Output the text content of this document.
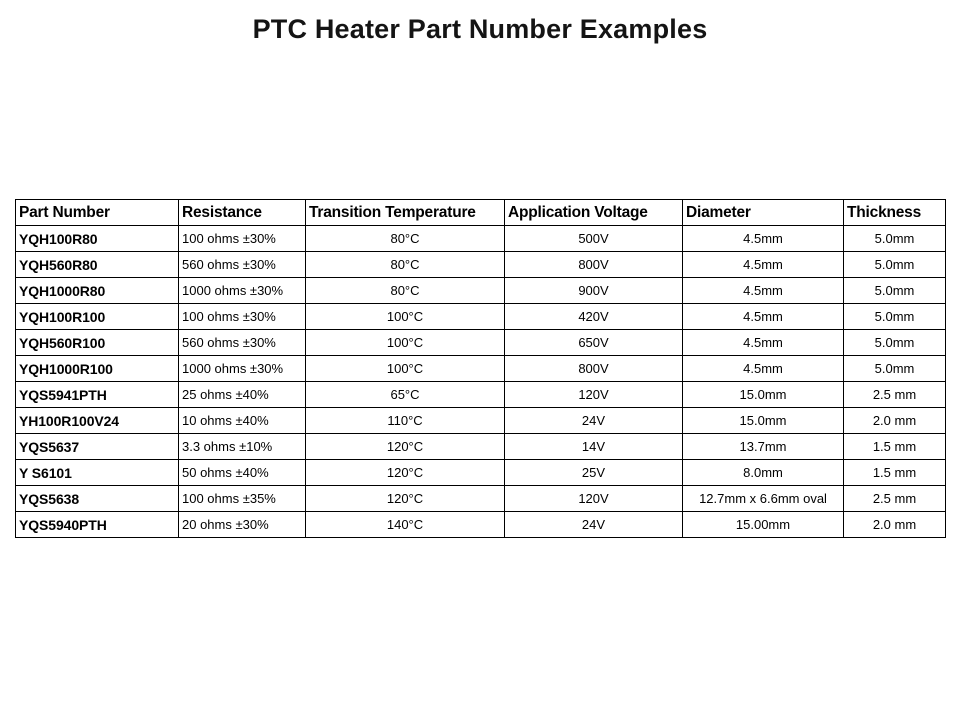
PTC Heater Part Number Examples
Part Number	Resistance	Transition Temperature	Application Voltage	Diameter	Thickness
YQH100R80	100 ohms ±30%	80°C	500V	4.5mm	5.0mm
YQH560R80	560 ohms ±30%	80°C	800V	4.5mm	5.0mm
YQH1000R80	1000 ohms ±30%	80°C	900V	4.5mm	5.0mm
YQH100R100	100 ohms ±30%	100°C	420V	4.5mm	5.0mm
YQH560R100	560 ohms ±30%	100°C	650V	4.5mm	5.0mm
YQH1000R100	1000 ohms ±30%	100°C	800V	4.5mm	5.0mm
YQS5941PTH	25 ohms ±40%	65°C	120V	15.0mm	2.5 mm
YH100R100V24	10 ohms ±40%	110°C	24V	15.0mm	2.0 mm
YQS5637	3.3 ohms ±10%	120°C	14V	13.7mm	1.5 mm
Y S6101	50 ohms ±40%	120°C	25V	8.0mm	1.5 mm
YQS5638	100 ohms ±35%	120°C	120V	12.7mm x 6.6mm oval	2.5 mm
YQS5940PTH	20 ohms ±30%	140°C	24V	15.00mm	2.0 mm
